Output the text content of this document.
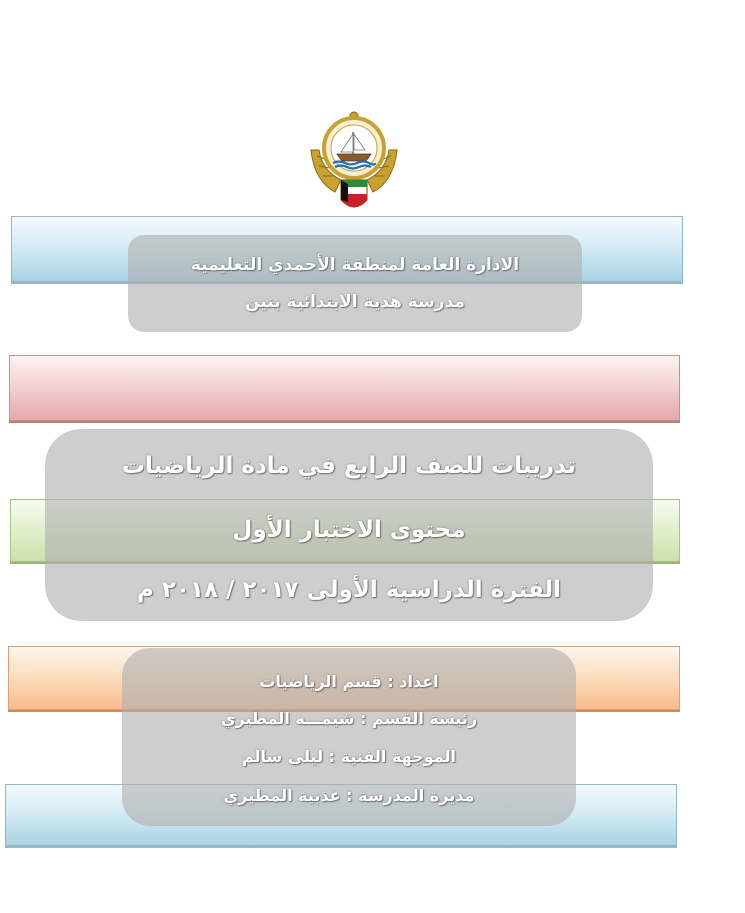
الادارة العامة لمنطقة الأحمدي التعليمية
مدرسة هدية الابتدائية بنين
تدريبات للصف الرابع في مادة الرياضيات
محتوى الاختبار الأول
الفترة الدراسية الأولى ٢٠١٧ / ٢٠١٨ م
اعداد : قسم الرياضيات
رئيسة القسم : شيمـــه المطيري
الموجهة الفنية : ليلى سالم
مديرة المدرسة : عذبية المطيري
